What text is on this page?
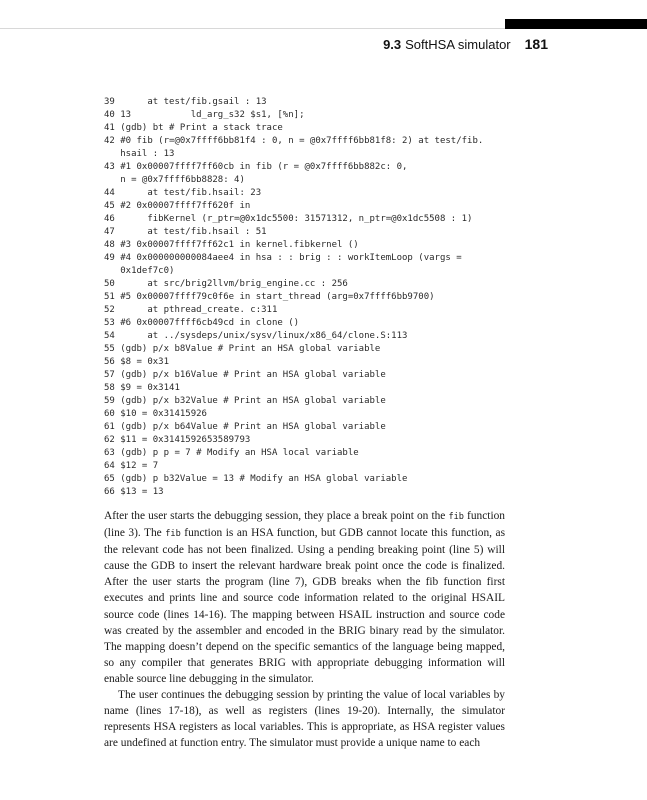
9.3 SoftHSA simulator 181
39      at test/fib.gsail : 13
40 13           ld_arg_s32 $s1, [%n];
41 (gdb) bt # Print a stack trace
42 #0 fib (r=@0x7ffff6bb81f4 : 0, n = @0x7ffff6bb81f8: 2) at test/fib.
hsail : 13
43 #1 0x00007ffff7ff60cb in fib (r = @0x7ffff6bb882c: 0,
n = @0x7ffff6bb8828: 4)
44      at test/fib.hsail: 23
45 #2 0x00007ffff7ff620f in
46      fibKernel (r_ptr=@0x1dc5500: 31571312, n_ptr=@0x1dc5508 : 1)
47      at test/fib.hsail : 51
48 #3 0x00007ffff7ff62c1 in kernel.fibkernel ()
49 #4 0x000000000084aee4 in hsa : : brig : : workItemLoop (vargs =
0x1def7c0)
50      at src/brig2llvm/brig_engine.cc : 256
51 #5 0x00007ffff79c0f6e in start_thread (arg=0x7ffff6bb9700)
52      at pthread_create. c:311
53 #6 0x00007ffff6cb49cd in clone ()
54      at ../sysdeps/unix/sysv/linux/x86_64/clone.S:113
55 (gdb) p/x b8Value # Print an HSA global variable
56 $8 = 0x31
57 (gdb) p/x b16Value # Print an HSA global variable
58 $9 = 0x3141
59 (gdb) p/x b32Value # Print an HSA global variable
60 $10 = 0x31415926
61 (gdb) p/x b64Value # Print an HSA global variable
62 $11 = 0x3141592653589793
63 (gdb) p p = 7 # Modify an HSA local variable
64 $12 = 7
65 (gdb) p b32Value = 13 # Modify an HSA global variable
66 $13 = 13

After the user starts the debugging session, they place a break point on the fib function (line 3). The fib function is an HSA function, but GDB cannot locate this function, as the relevant code has not been finalized. Using a pending breaking point (line 5) will cause the GDB to insert the relevant hardware break point once the code is finalized. After the user starts the program (line 7), GDB breaks when the fib function first executes and prints line and source code information related to the original HSAIL source code (lines 14-16). The mapping between HSAIL instruction and source code was created by the assembler and encoded in the BRIG binary read by the simulator. The mapping doesn’t depend on the specific semantics of the language being mapped, so any compiler that generates BRIG with appropriate debugging information will enable source line debugging in the simulator.

The user continues the debugging session by printing the value of local variables by name (lines 17-18), as well as registers (lines 19-20). Internally, the simulator represents HSA registers as local variables. This is appropriate, as HSA register values are undefined at function entry. The simulator must provide a unique name to each
